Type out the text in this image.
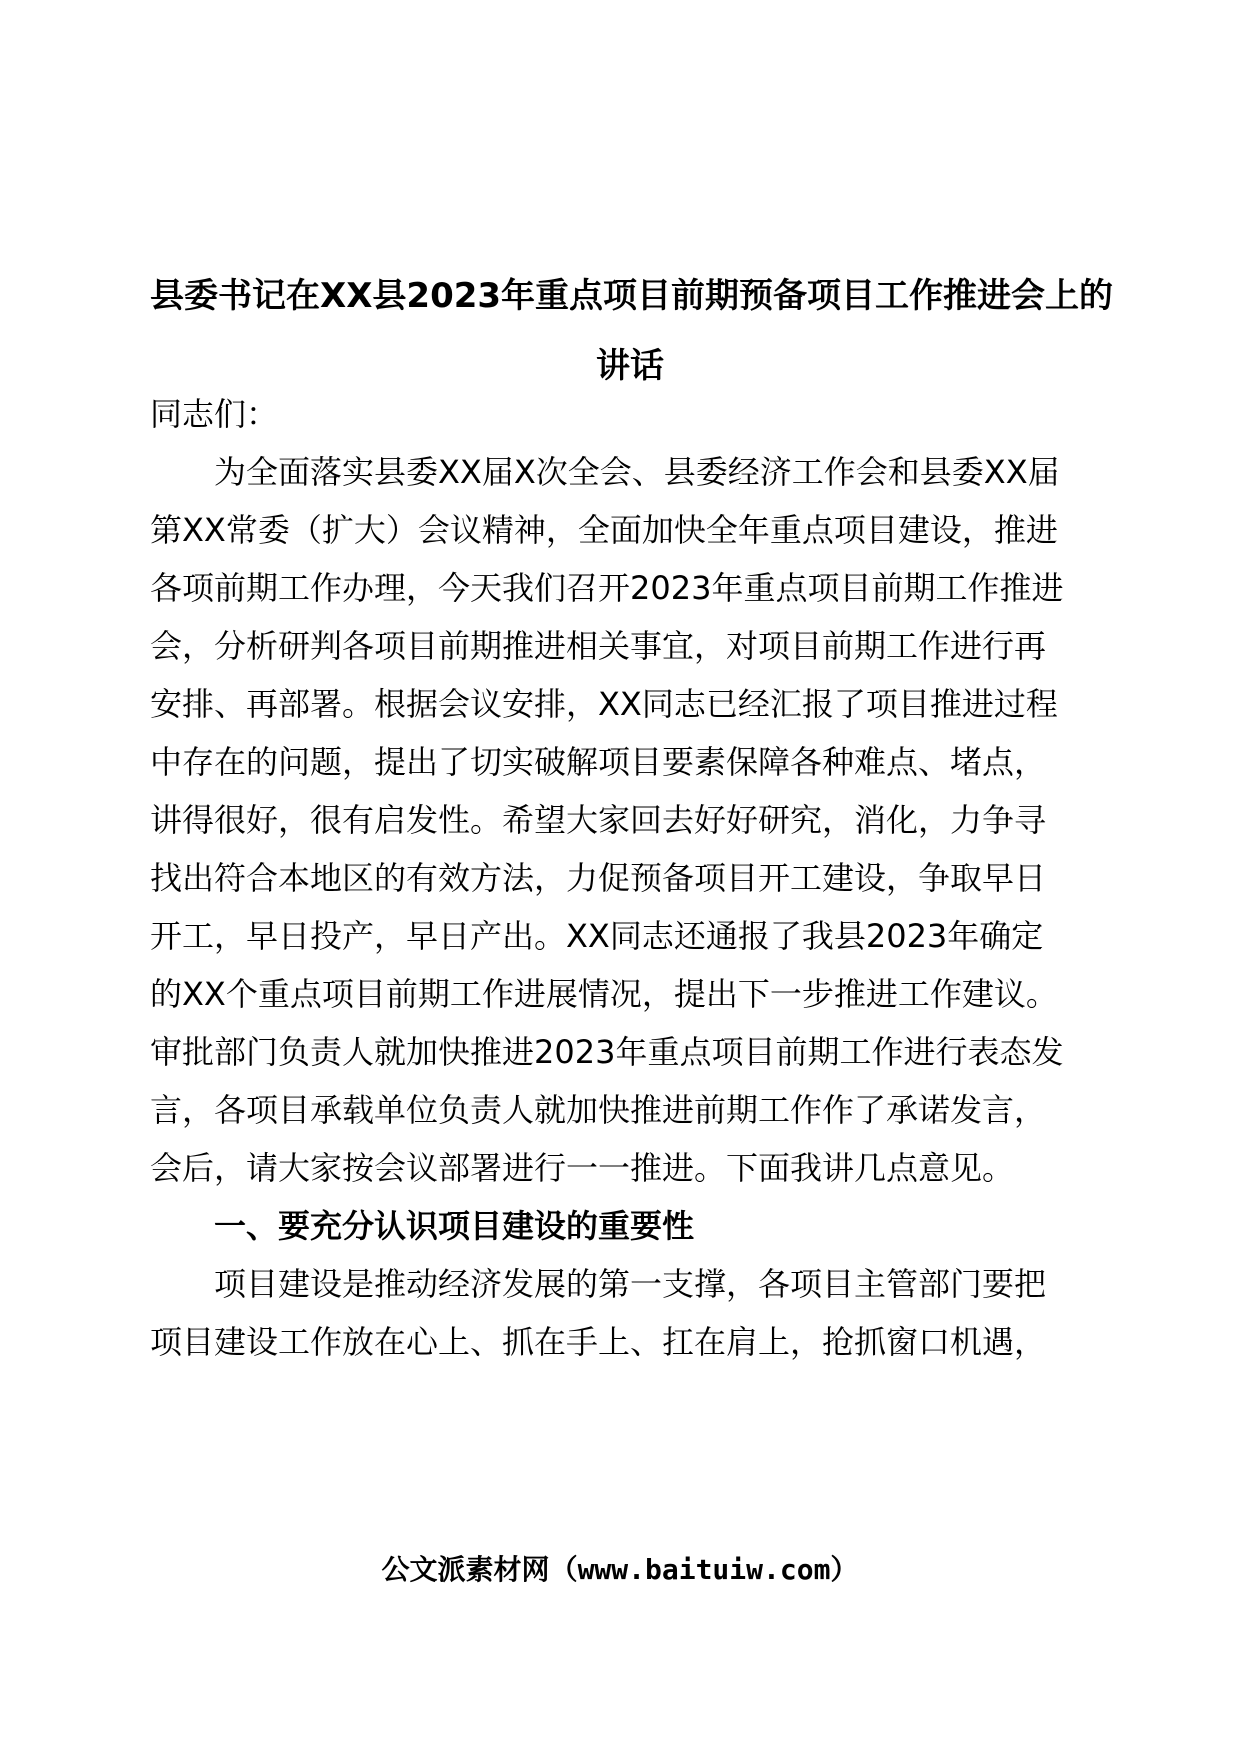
县委书记在XX县2023年重点项目前期预备项目工作推进会上的
讲话
同志们：
为全面落实县委XX届X次全会、县委经济工作会和县委XX届
第XX常委（扩大）会议精神，全面加快全年重点项目建设，推进
各项前期工作办理，今天我们召开2023年重点项目前期工作推进
会，分析研判各项目前期推进相关事宜，对项目前期工作进行再
安排、再部署。根据会议安排，XX同志已经汇报了项目推进过程
中存在的问题，提出了切实破解项目要素保障各种难点、堵点，
讲得很好，很有启发性。希望大家回去好好研究，消化，力争寻
找出符合本地区的有效方法，力促预备项目开工建设，争取早日
开工，早日投产，早日产出。XX同志还通报了我县2023年确定
的XX个重点项目前期工作进展情况，提出下一步推进工作建议。
审批部门负责人就加快推进2023年重点项目前期工作进行表态发
言，各项目承载单位负责人就加快推进前期工作作了承诺发言，
会后，请大家按会议部署进行一一推进。下面我讲几点意见。
一、要充分认识项目建设的重要性
项目建设是推动经济发展的第一支撑，各项目主管部门要把
项目建设工作放在心上、抓在手上、扛在肩上，抢抓窗口机遇，
公文派素材网（www.baituiw.com）
